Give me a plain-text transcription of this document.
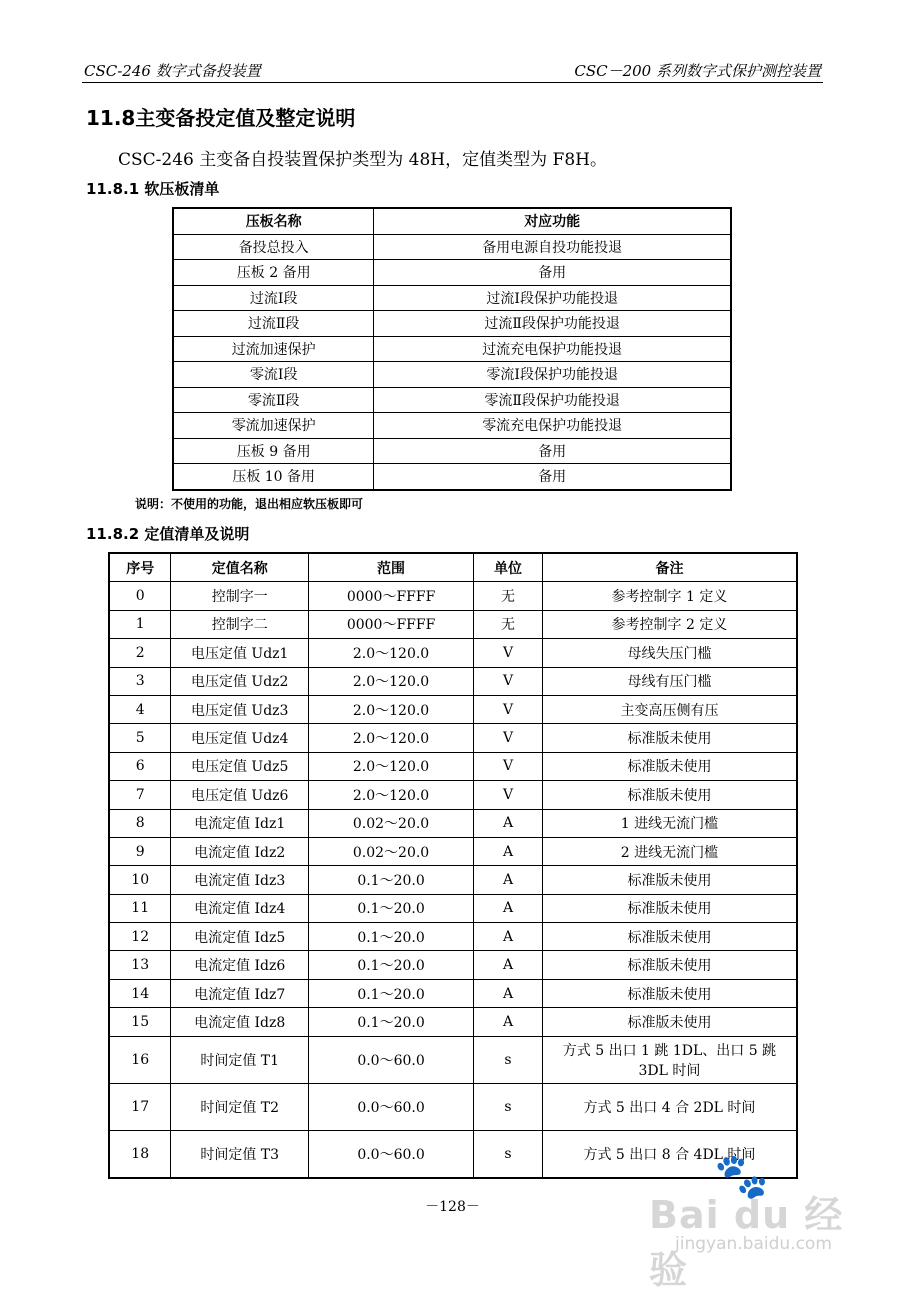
CSC-246 数字式备投装置	CSC－200 系列数字式保护测控装置
11.8主变备投定值及整定说明
CSC-246 主变备自投装置保护类型为 48H，定值类型为 F8H。
11.8.1 软压板清单
压板名称	对应功能
备投总投入	备用电源自投功能投退
压板 2 备用	备用
过流Ⅰ段	过流Ⅰ段保护功能投退
过流Ⅱ段	过流Ⅱ段保护功能投退
过流加速保护	过流充电保护功能投退
零流Ⅰ段	零流Ⅰ段保护功能投退
零流Ⅱ段	零流Ⅱ段保护功能投退
零流加速保护	零流充电保护功能投退
压板 9 备用	备用
压板 10 备用	备用
说明：不使用的功能，退出相应软压板即可
11.8.2 定值清单及说明
序号	定值名称	范围	单位	备注
0	控制字一	0000～FFFF	无	参考控制字 1 定义
1	控制字二	0000～FFFF	无	参考控制字 2 定义
2	电压定值 Udz1	2.0～120.0	V	母线失压门槛
3	电压定值 Udz2	2.0～120.0	V	母线有压门槛
4	电压定值 Udz3	2.0～120.0	V	主变高压侧有压
5	电压定值 Udz4	2.0～120.0	V	标准版未使用
6	电压定值 Udz5	2.0～120.0	V	标准版未使用
7	电压定值 Udz6	2.0～120.0	V	标准版未使用
8	电流定值 Idz1	0.02～20.0	A	1 进线无流门槛
9	电流定值 Idz2	0.02～20.0	A	2 进线无流门槛
10	电流定值 Idz3	0.1～20.0	A	标准版未使用
11	电流定值 Idz4	0.1～20.0	A	标准版未使用
12	电流定值 Idz5	0.1～20.0	A	标准版未使用
13	电流定值 Idz6	0.1～20.0	A	标准版未使用
14	电流定值 Idz7	0.1～20.0	A	标准版未使用
15	电流定值 Idz8	0.1～20.0	A	标准版未使用
16	时间定值 T1	0.0～60.0	s	方式 5 出口 1 跳 1DL、出口 5 跳 3DL 时间
17	时间定值 T2	0.0～60.0	s	方式 5 出口 4 合 2DL 时间
18	时间定值 T3	0.0～60.0	s	方式 5 出口 8 合 4DL 时间
－128－
🐾
Bai du 经验
jingyan.baidu.com
